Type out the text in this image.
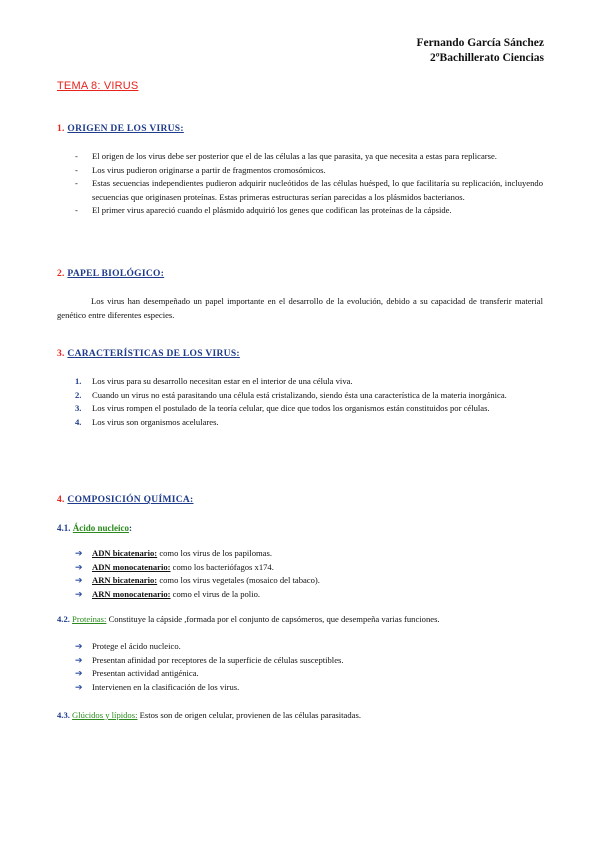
Fernando García Sánchez
2ºBachillerato Ciencias
TEMA 8: VIRUS
1. ORIGEN DE LOS VIRUS:
- El origen de los virus debe ser posterior que el de las células a las que parasita, ya que necesita a estas para replicarse.
- Los virus pudieron originarse a partir de fragmentos cromosómicos.
- Estas secuencias independientes pudieron adquirir nucleótidos de las células huésped, lo que facilitaría su replicación, incluyendo secuencias que originasen proteínas. Estas primeras estructuras serían parecidas a los plásmidos bacterianos.
- El primer virus apareció cuando el plásmido adquirió los genes que codifican las proteínas de la cápside.
2. PAPEL BIOLÓGICO:
Los virus han desempeñado un papel importante en el desarrollo de la evolución, debido a su capacidad de transferir material genético entre diferentes especies.
3. CARACTERÍSTICAS DE LOS VIRUS:
1. Los virus para su desarrollo necesitan estar en el interior de una célula viva.
2. Cuando un virus no está parasitando una célula está cristalizando, siendo ésta una característica de la materia inorgánica.
3. Los virus rompen el postulado de la teoría celular, que dice que todos los organismos están constituidos por células.
4. Los virus son organismos acelulares.
4. COMPOSICIÓN QUÍMICA:
4.1. Ácido nucleico:
➔ ADN bicatenario: como los virus de los papilomas.
➔ ADN monocatenario: como los bacteriófagos x174.
➔ ARN bicatenario: como los virus vegetales (mosaico del tabaco).
➔ ARN monocatenario: como el virus de la polio.
4.2. Proteínas: Constituye la cápside ,formada por el conjunto de capsómeros, que desempeña varias funciones.
➔ Protege el ácido nucleico.
➔ Presentan afinidad por receptores de la superficie de células susceptibles.
➔ Presentan actividad antigénica.
➔ Intervienen en la clasificación de los virus.
4.3. Glúcidos y lípidos: Estos son de origen celular, provienen de las células parasitadas.
